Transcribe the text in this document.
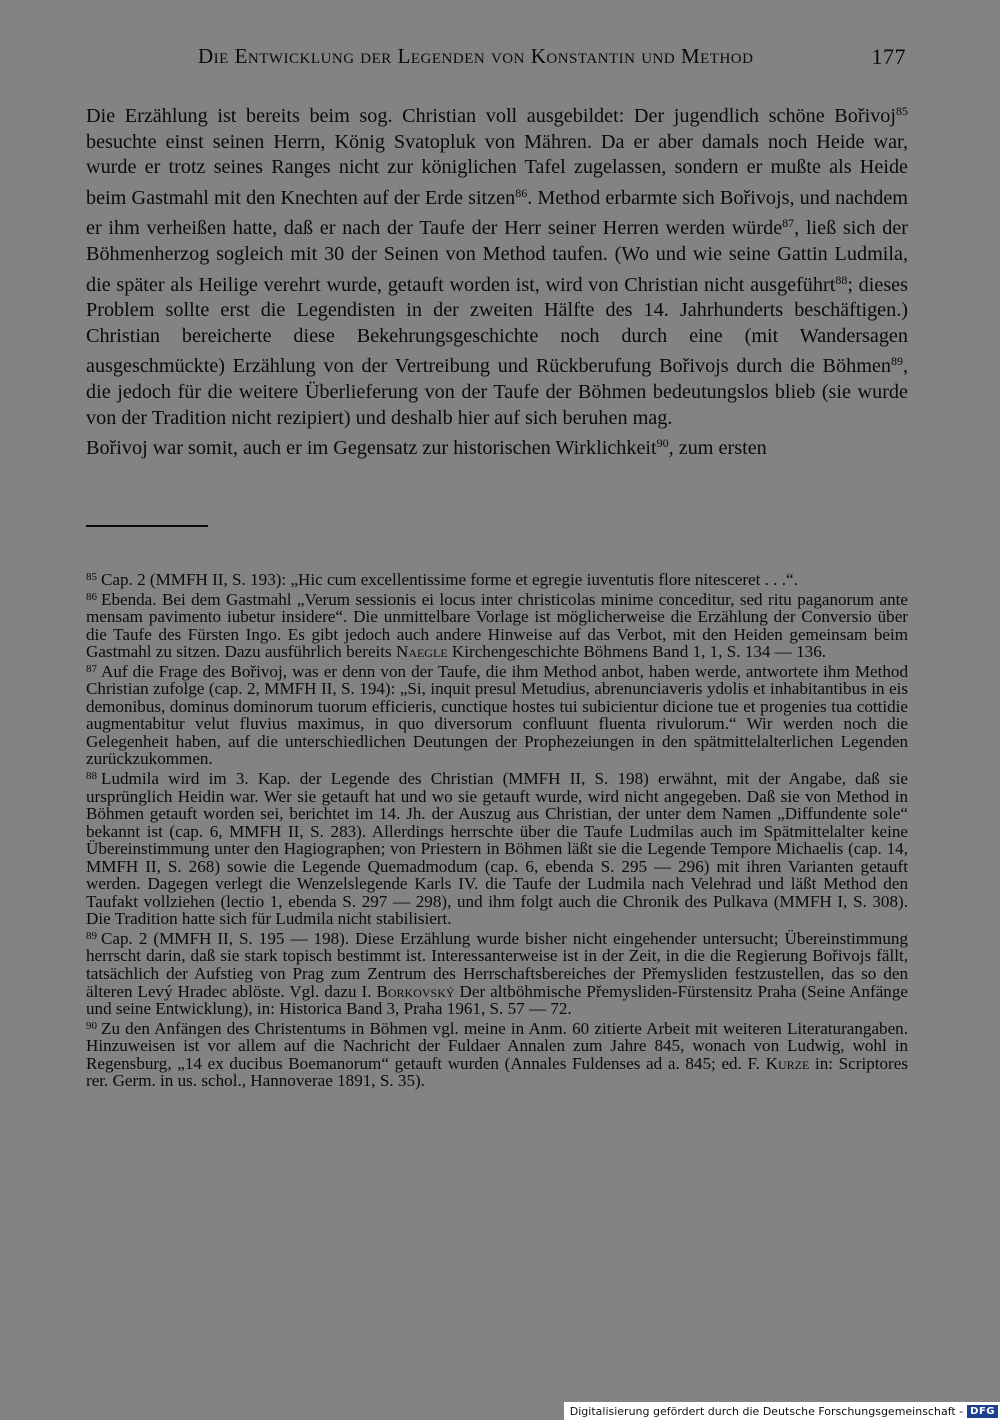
Die Entwicklung der Legenden von Konstantin und Method	177

Die Erzählung ist bereits beim sog. Christian voll ausgebildet: Der jugendlich schöne Bořivoj$^{85}$ besuchte einst seinen Herrn, König Svatopluk von Mähren. Da er aber damals noch Heide war, wurde er trotz seines Ranges nicht zur königlichen Tafel zugelassen, sondern er mußte als Heide beim Gastmahl mit den Knechten auf der Erde sitzen$^{86}$. Method erbarmte sich Bořivojs, und nachdem er ihm verheißen hatte, daß er nach der Taufe der Herr seiner Herren werden würde$^{87}$, ließ sich der Böhmenherzog sogleich mit 30 der Seinen von Method taufen. (Wo und wie seine Gattin Ludmila, die später als Heilige verehrt wurde, getauft worden ist, wird von Christian nicht ausgeführt$^{88}$; dieses Problem sollte erst die Legendisten in der zweiten Hälfte des 14. Jahrhunderts beschäftigen.) Christian bereicherte diese Bekehrungsgeschichte noch durch eine (mit Wandersagen ausgeschmückte) Erzählung von der Vertreibung und Rückberufung Bořivojs durch die Böhmen$^{89}$, die jedoch für die weitere Überlieferung von der Taufe der Böhmen bedeutungslos blieb (sie wurde von der Tradition nicht rezipiert) und deshalb hier auf sich beruhen mag.

Bořivoj war somit, auch er im Gegensatz zur historischen Wirklichkeit$^{90}$, zum ersten

$^{85}$ Cap. 2 (MMFH II, S. 193): „Hic cum excellentissime forme et egregie iuventutis flore nitesceret . . .“.

$^{86}$ Ebenda. Bei dem Gastmahl „Verum sessionis ei locus inter christicolas minime conceditur, sed ritu paganorum ante mensam pavimento iubetur insidere“. Die unmittelbare Vorlage ist möglicherweise die Erzählung der Conversio über die Taufe des Fürsten Ingo. Es gibt jedoch auch andere Hinweise auf das Verbot, mit den Heiden gemeinsam beim Gastmahl zu sitzen. Dazu ausführlich bereits Naegle Kirchengeschichte Böhmens Band 1, 1, S. 134 — 136.

$^{87}$ Auf die Frage des Bořivoj, was er denn von der Taufe, die ihm Method anbot, haben werde, antwortete ihm Method Christian zufolge (cap. 2, MMFH II, S. 194): „Si, inquit presul Metudius, abrenunciaveris ydolis et inhabitantibus in eis demonibus, dominus dominorum tuorum efficieris, cunctique hostes tui subicientur dicione tue et progenies tua cottidie augmentabitur velut fluvius maximus, in quo diversorum confluunt fluenta rivulorum.“ Wir werden noch die Gelegenheit haben, auf die unterschiedlichen Deutungen der Prophezeiungen in den spätmittelalterlichen Legenden zurückzukommen.

$^{88}$ Ludmila wird im 3. Kap. der Legende des Christian (MMFH II, S. 198) erwähnt, mit der Angabe, daß sie ursprünglich Heidin war. Wer sie getauft hat und wo sie getauft wurde, wird nicht angegeben. Daß sie von Method in Böhmen getauft worden sei, berichtet im 14. Jh. der Auszug aus Christian, der unter dem Namen „Diffundente sole“ bekannt ist (cap. 6, MMFH II, S. 283). Allerdings herrschte über die Taufe Ludmilas auch im Spätmittelalter keine Übereinstimmung unter den Hagiographen; von Priestern in Böhmen läßt sie die Legende Tempore Michaelis (cap. 14, MMFH II, S. 268) sowie die Legende Quemadmodum (cap. 6, ebenda S. 295 — 296) mit ihren Varianten getauft werden. Dagegen verlegt die Wenzelslegende Karls IV. die Taufe der Ludmila nach Velehrad und läßt Method den Taufakt vollziehen (lectio 1, ebenda S. 297 — 298), und ihm folgt auch die Chronik des Pulkava (MMFH I, S. 308). Die Tradition hatte sich für Ludmila nicht stabilisiert.

$^{89}$ Cap. 2 (MMFH II, S. 195 — 198). Diese Erzählung wurde bisher nicht eingehender untersucht; Übereinstimmung herrscht darin, daß sie stark topisch bestimmt ist. Interessanterweise ist in der Zeit, in die die Regierung Bořivojs fällt, tatsächlich der Aufstieg von Prag zum Zentrum des Herrschaftsbereiches der Přemysliden festzustellen, das so den älteren Levý Hradec ablöste. Vgl. dazu I. Borkovský Der altböhmische Přemysliden-Fürstensitz Praha (Seine Anfänge und seine Entwicklung), in: Historica Band 3, Praha 1961, S. 57 — 72.

$^{90}$ Zu den Anfängen des Christentums in Böhmen vgl. meine in Anm. 60 zitierte Arbeit mit weiteren Literaturangaben. Hinzuweisen ist vor allem auf die Nachricht der Fuldaer Annalen zum Jahre 845, wonach von Ludwig, wohl in Regensburg, „14 ex ducibus Boemanorum“ getauft wurden (Annales Fuldenses ad a. 845; ed. F. Kurze in: Scriptores rer. Germ. in us. schol., Hannoverae 1891, S. 35).

Digitalisierung gefördert durch die Deutsche Forschungsgemeinschaft - DFG
